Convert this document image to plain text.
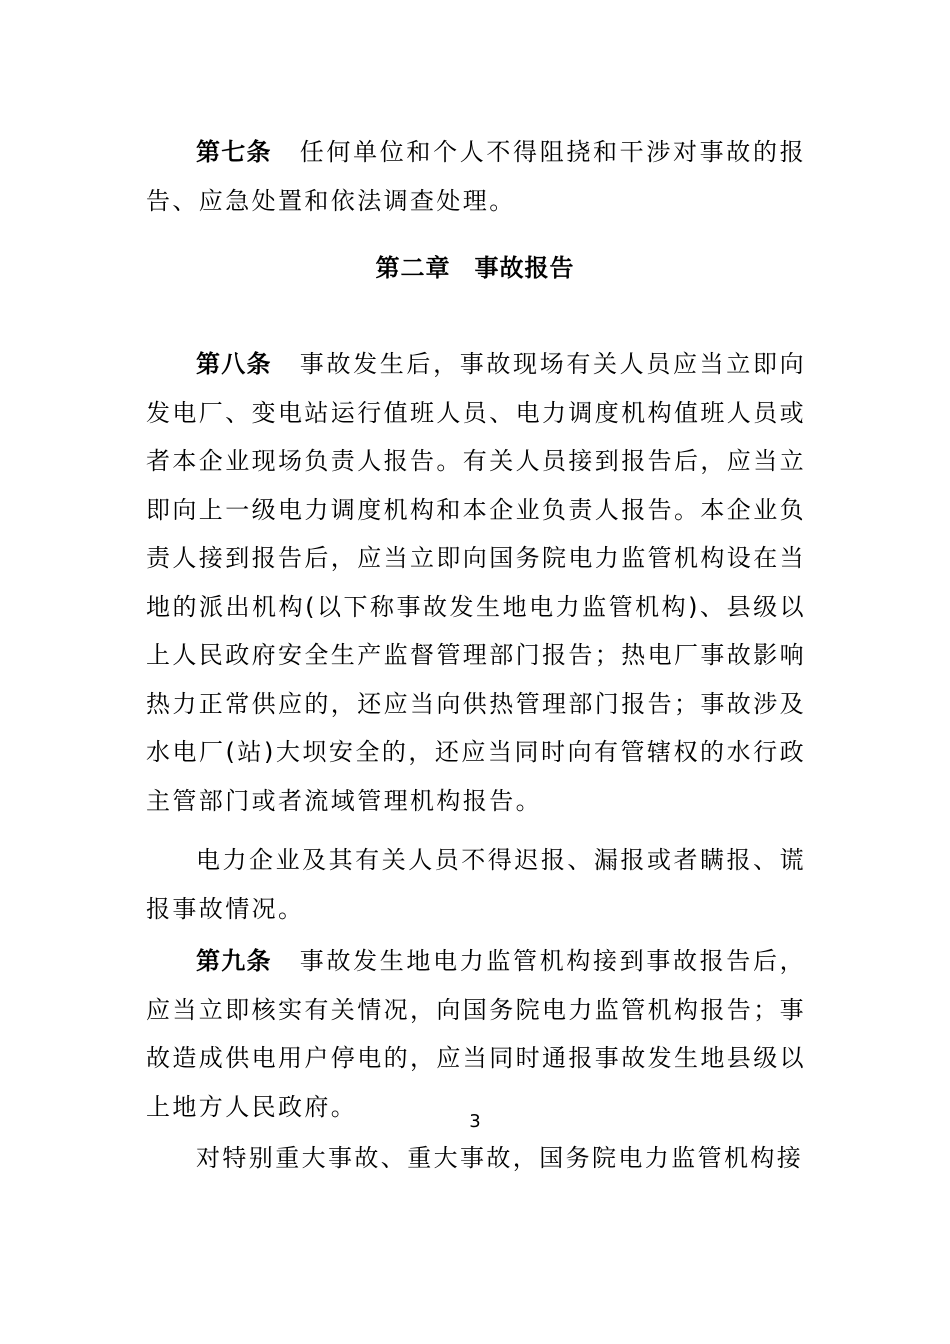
第七条 任何单位和个人不得阻挠和干涉对事故的报告、应急处置和依法调查处理。

第二章 事故报告

第八条 事故发生后，事故现场有关人员应当立即向发电厂、变电站运行值班人员、电力调度机构值班人员或者本企业现场负责人报告。有关人员接到报告后，应当立即向上一级电力调度机构和本企业负责人报告。本企业负责人接到报告后，应当立即向国务院电力监管机构设在当地的派出机构(以下称事故发生地电力监管机构)、县级以上人民政府安全生产监督管理部门报告；热电厂事故影响热力正常供应的，还应当向供热管理部门报告；事故涉及水电厂(站)大坝安全的，还应当同时向有管辖权的水行政主管部门或者流域管理机构报告。

电力企业及其有关人员不得迟报、漏报或者瞒报、谎报事故情况。

第九条 事故发生地电力监管机构接到事故报告后，应当立即核实有关情况，向国务院电力监管机构报告；事故造成供电用户停电的，应当同时通报事故发生地县级以上地方人民政府。

3

对特别重大事故、重大事故，国务院电力监管机构接
